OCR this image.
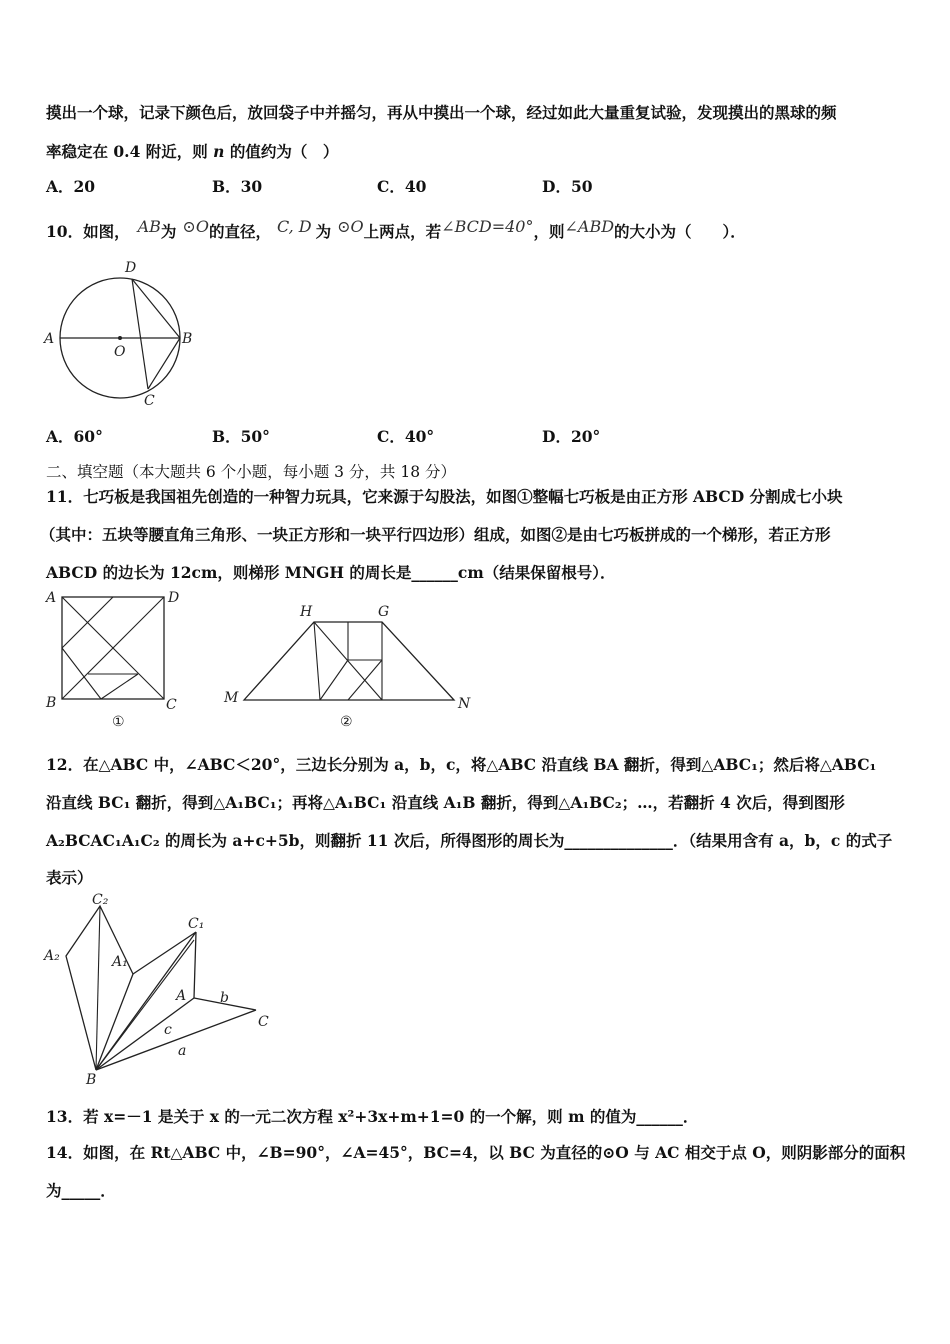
摸出一个球，记录下颜色后，放回袋子中并摇匀，再从中摸出一个球，经过如此大量重复试验，发现摸出的黑球的频
率稳定在 0.4 附近，则 n 的值约为（　）
A．20	B．30	C．40	D．50
10．如图， AB为 ⊙O的直径， C, D 为 ⊙O上两点，若∠BCD=40°，则∠ABD的大小为（　　）．
A	B
C
D
O
A．60°	B．50°	C．40°	D．20°
二、填空题（本大题共 6 个小题，每小题 3 分，共 18 分）
11．七巧板是我国祖先创造的一种智力玩具，它来源于勾股法，如图①整幅七巧板是由正方形 ABCD 分割成七小块
（其中：五块等腰直角三角形、一块正方形和一块平行四边形）组成，如图②是由七巧板拼成的一个梯形，若正方形
ABCD 的边长为 12cm，则梯形 MNGH 的周长是______cm（结果保留根号）．
A	D
B	C
①
H	G
M	N
②
12．在△ABC 中，∠ABC＜20°，三边长分别为 a，b，c，将△ABC 沿直线 BA 翻折，得到△ABC₁；然后将△ABC₁
沿直线 BC₁ 翻折，得到△A₁BC₁；再将△A₁BC₁ 沿直线 A₁B 翻折，得到△A₁BC₂；…，若翻折 4 次后，得到图形
A₂BCAC₁A₁C₂ 的周长为 a+c+5b，则翻折 11 次后，所得图形的周长为______________．（结果用含有 a，b，c 的式子
表示）
C₂
C₁
A₂	A₁
A
B
C
a
b
c
13．若 x=－1 是关于 x 的一元二次方程 x²+3x+m+1=0 的一个解，则 m 的值为______．
14．如图，在 Rt△ABC 中，∠B=90°，∠A=45°，BC=4，以 BC 为直径的⊙O 与 AC 相交于点 O，则阴影部分的面积
为_____．
